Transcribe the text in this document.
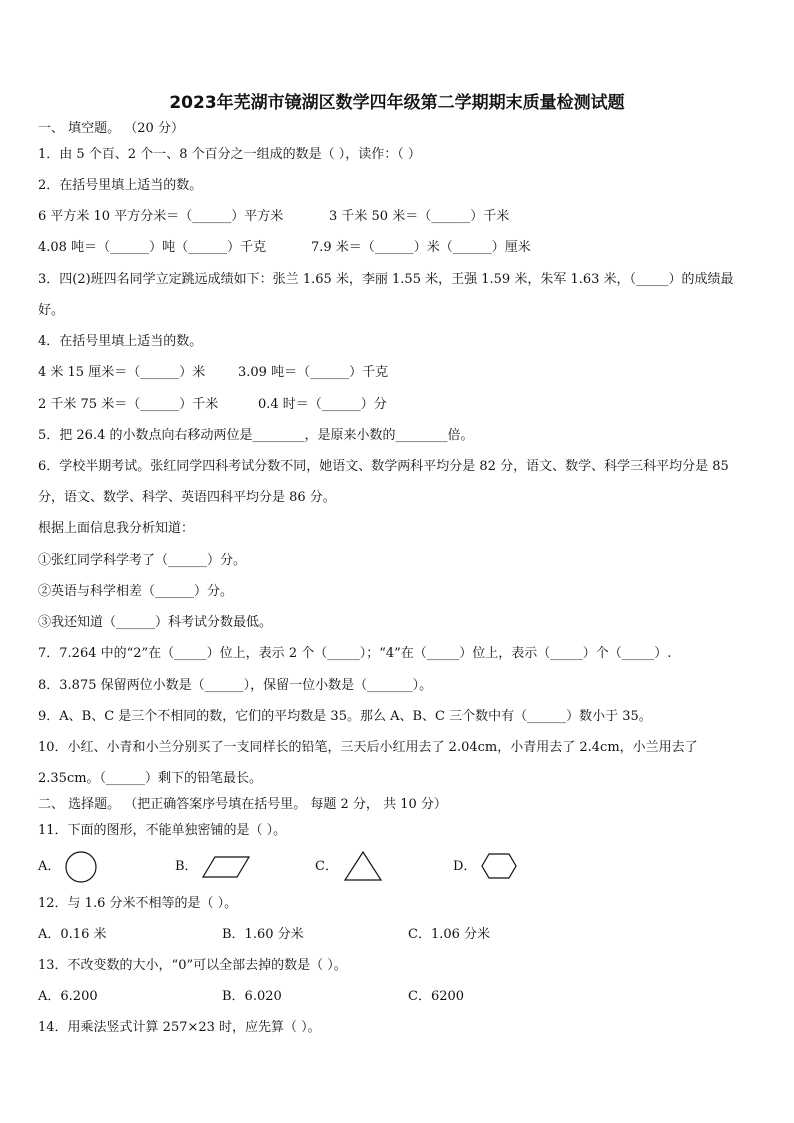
2023年芜湖市镜湖区数学四年级第二学期期末质量检测试题
一、 填空题。 （20 分）
1．由 5 个百、2 个一、8 个百分之一组成的数是（ ），读作：（ ）
2．在括号里填上适当的数。
6 平方米 10 平方分米＝（______）平方米	3 千米 50 米＝（______）千米
4.08 吨＝（______）吨（______）千克	7.9 米＝（______）米（______）厘米
3．四(2)班四名同学立定跳远成绩如下：张兰 1.65 米，李丽 1.55 米，王强 1.59 米，朱军 1.63 米，（_____）的成绩最
好。
4．在括号里填上适当的数。
4 米 15 厘米＝（______）米	3.09 吨＝（______）千克
2 千米 75 米＝（______）千米	0.4 时＝（______）分
5．把 26.4 的小数点向右移动两位是________，是原来小数的________倍。
6．学校半期考试。张红同学四科考试分数不同，她语文、数学两科平均分是 82 分，语文、数学、科学三科平均分是 85
分，语文、数学、科学、英语四科平均分是 86 分。
根据上面信息我分析知道：
①张红同学科学考了（______）分。
②英语与科学相差（______）分。
③我还知道（______）科考试分数最低。
7．7.264 中的“2”在（_____）位上，表示 2 个（_____）；“4”在（_____）位上，表示（_____）个（_____）.
8．3.875 保留两位小数是（______），保留一位小数是（_______）。
9．A、B、C 是三个不相同的数，它们的平均数是 35。那么 A、B、C 三个数中有（______）数小于 35。
10．小红、小青和小兰分别买了一支同样长的铅笔，三天后小红用去了 2.04cm，小青用去了 2.4cm，小兰用去了
2.35cm。（______）剩下的铅笔最长。
二、 选择题。 （把正确答案序号填在括号里。 每题 2 分， 共 10 分）
11．下面的图形，不能单独密铺的是（ ）。
A．	B．	C．	D．
12．与 1.6 分米不相等的是（ ）。
A．0.16 米	B．1.60 分米	C．1.06 分米
13．不改变数的大小，“0”可以全部去掉的数是（ ）。
A．6.200	B．6.020	C．6200
14．用乘法竖式计算 257×23 时，应先算（ ）。
